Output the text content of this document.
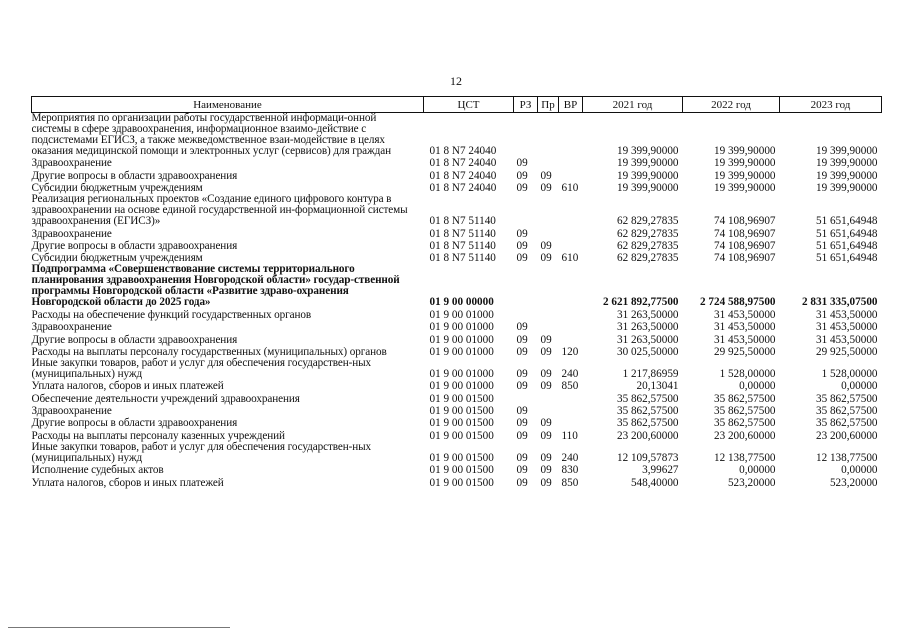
12
Наименование	ЦСТ	РЗ	Пр	ВР	2021 год	2022 год	2023 год
Мероприятия по организации работы государственной информаци-онной системы в сфере здравоохранения, информационное взаимо-действие с подсистемами ЕГИСЗ, а также межведомственное взаи-модействие в целях оказания медицинской помощи и электронных услуг (сервисов) для граждан	01 8 N7 24040				19 399,90000	19 399,90000	19 399,90000
Здравоохранение	01 8 N7 24040	09			19 399,90000	19 399,90000	19 399,90000
Другие вопросы в области здравоохранения	01 8 N7 24040	09	09		19 399,90000	19 399,90000	19 399,90000
Субсидии бюджетным учреждениям	01 8 N7 24040	09	09	610	19 399,90000	19 399,90000	19 399,90000
Реализация региональных проектов «Создание единого цифрового контура в здравоохранении на основе единой государственной ин-формационной системы здравоохранения (ЕГИСЗ)»	01 8 N7 51140				62 829,27835	74 108,96907	51 651,64948
Здравоохранение	01 8 N7 51140	09			62 829,27835	74 108,96907	51 651,64948
Другие вопросы в области здравоохранения	01 8 N7 51140	09	09		62 829,27835	74 108,96907	51 651,64948
Субсидии бюджетным учреждениям	01 8 N7 51140	09	09	610	62 829,27835	74 108,96907	51 651,64948
Подпрограмма «Совершенствование системы территориального планирования здравоохранения Новгородской области» государ-ственной программы Новгородской области «Развитие здраво-охранения Новгородской области до 2025 года»	01 9 00 00000				2 621 892,77500	2 724 588,97500	2 831 335,07500
Расходы на обеспечение функций государственных органов	01 9 00 01000				31 263,50000	31 453,50000	31 453,50000
Здравоохранение	01 9 00 01000	09			31 263,50000	31 453,50000	31 453,50000
Другие вопросы в области здравоохранения	01 9 00 01000	09	09		31 263,50000	31 453,50000	31 453,50000
Расходы на выплаты персоналу государственных (муниципальных) органов	01 9 00 01000	09	09	120	30 025,50000	29 925,50000	29 925,50000
Иные закупки товаров, работ и услуг для обеспечения государствен-ных (муниципальных) нужд	01 9 00 01000	09	09	240	1 217,86959	1 528,00000	1 528,00000
Уплата налогов, сборов и иных платежей	01 9 00 01000	09	09	850	20,13041	0,00000	0,00000
Обеспечение деятельности учреждений здравоохранения	01 9 00 01500				35 862,57500	35 862,57500	35 862,57500
Здравоохранение	01 9 00 01500	09			35 862,57500	35 862,57500	35 862,57500
Другие вопросы в области здравоохранения	01 9 00 01500	09	09		35 862,57500	35 862,57500	35 862,57500
Расходы на выплаты персоналу казенных учреждений	01 9 00 01500	09	09	110	23 200,60000	23 200,60000	23 200,60000
Иные закупки товаров, работ и услуг для обеспечения государствен-ных (муниципальных) нужд	01 9 00 01500	09	09	240	12 109,57873	12 138,77500	12 138,77500
Исполнение судебных актов	01 9 00 01500	09	09	830	3,99627	0,00000	0,00000
Уплата налогов, сборов и иных платежей	01 9 00 01500	09	09	850	548,40000	523,20000	523,20000
